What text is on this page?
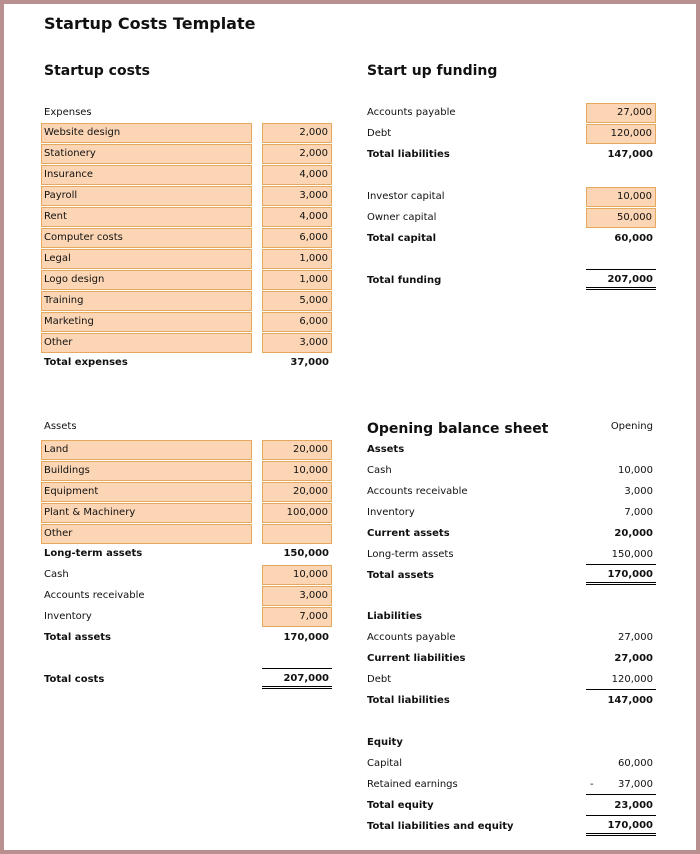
Startup Costs Template
Startup costs
Expenses
Website design	2,000
Stationery	2,000
Insurance	4,000
Payroll	3,000
Rent	4,000
Computer costs	6,000
Legal	1,000
Logo design	1,000
Training	5,000
Marketing	6,000
Other	3,000
Total expenses	37,000
Assets
Land	20,000
Buildings	10,000
Equipment	20,000
Plant & Machinery	100,000
Other
Long-term assets	150,000
Cash	10,000
Accounts receivable	3,000
Inventory	7,000
Total assets	170,000
Total costs	207,000
Start up funding
Accounts payable	27,000
Debt	120,000
Total liabilities	147,000
Investor capital	10,000
Owner capital	50,000
Total capital	60,000
Total funding	207,000
Opening balance sheet	Opening
Assets
Cash	10,000
Accounts receivable	3,000
Inventory	7,000
Current assets	20,000
Long-term assets	150,000
Total assets	170,000
Liabilities
Accounts payable	27,000
Current liabilities	27,000
Debt	120,000
Total liabilities	147,000
Equity
Capital	60,000
Retained earnings	-	37,000
Total equity	23,000
Total liabilities and equity	170,000
